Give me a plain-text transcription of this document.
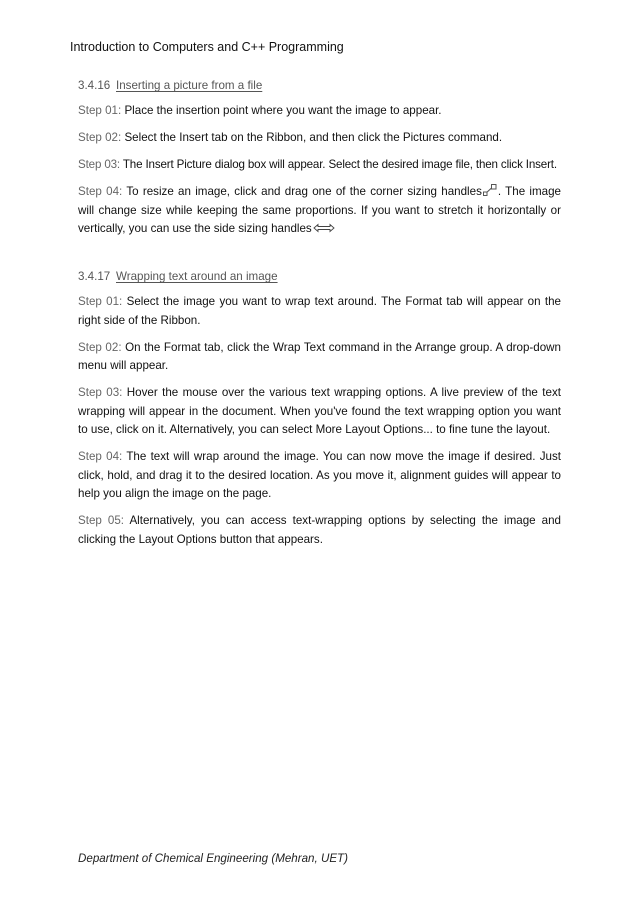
Introduction to Computers and C++ Programming
3.4.16 Inserting a picture from a file
Step 01: Place the insertion point where you want the image to appear.
Step 02: Select the Insert tab on the Ribbon, and then click the Pictures command.
Step 03: The Insert Picture dialog box will appear. Select the desired image file, then click Insert.
Step 04: To resize an image, click and drag one of the corner sizing handles . The image will change size while keeping the same proportions. If you want to stretch it horizontally or vertically, you can use the side sizing handles
3.4.17 Wrapping text around an image
Step 01: Select the image you want to wrap text around. The Format tab will appear on the right side of the Ribbon.
Step 02: On the Format tab, click the Wrap Text command in the Arrange group. A drop-down menu will appear.
Step 03: Hover the mouse over the various text wrapping options. A live preview of the text wrapping will appear in the document. When you've found the text wrapping option you want to use, click on it. Alternatively, you can select More Layout Options... to fine tune the layout.
Step 04: The text will wrap around the image. You can now move the image if desired. Just click, hold, and drag it to the desired location. As you move it, alignment guides will appear to help you align the image on the page.
Step 05: Alternatively, you can access text-wrapping options by selecting the image and clicking the Layout Options button that appears.
Department of Chemical Engineering (Mehran, UET)
